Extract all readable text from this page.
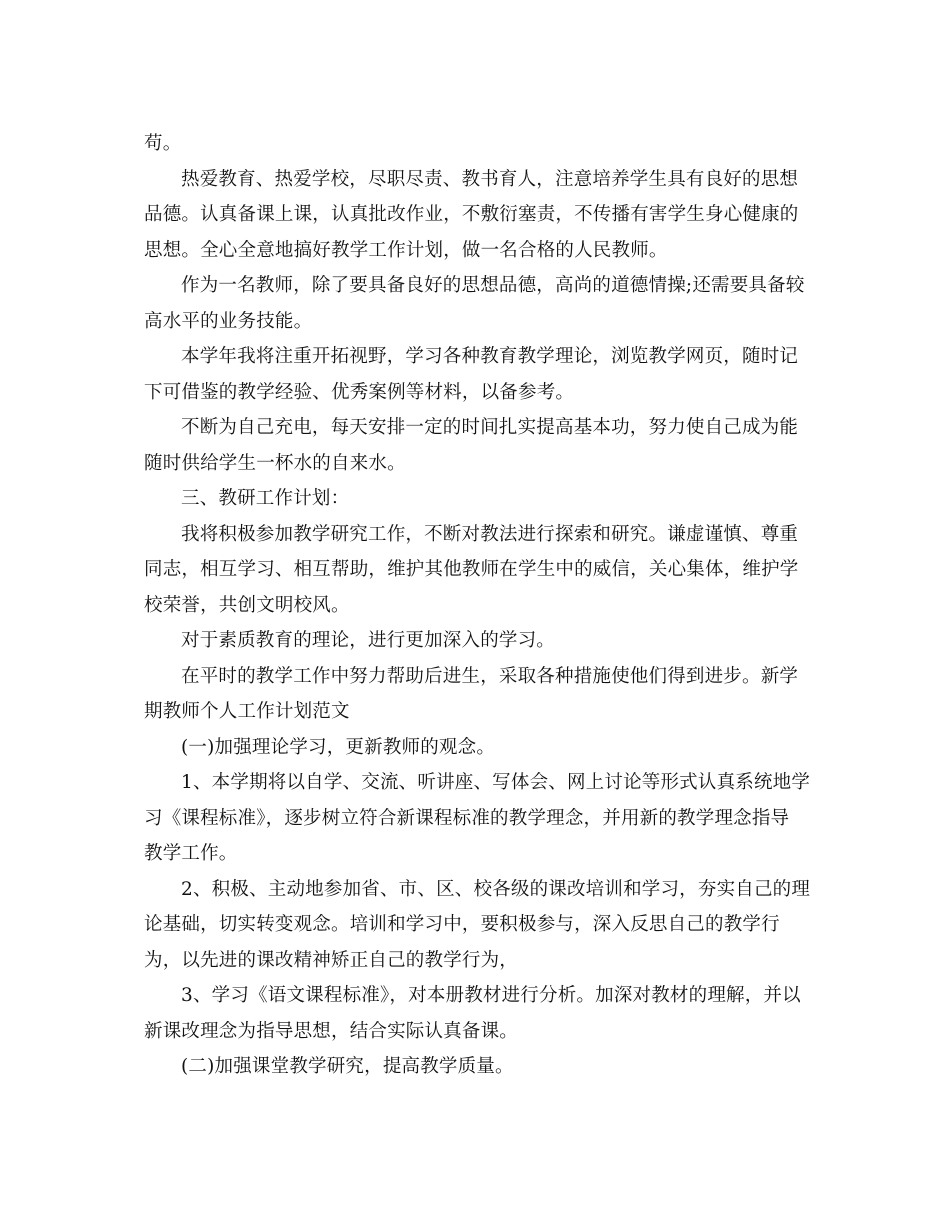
苟。
热爱教育、热爱学校，尽职尽责、教书育人，注意培养学生具有良好的思想
品德。认真备课上课，认真批改作业，不敷衍塞责，不传播有害学生身心健康的
思想。全心全意地搞好教学工作计划，做一名合格的人民教师。
作为一名教师，除了要具备良好的思想品德，高尚的道德情操;还需要具备较
高水平的业务技能。
本学年我将注重开拓视野，学习各种教育教学理论，浏览教学网页，随时记
下可借鉴的教学经验、优秀案例等材料，以备参考。
不断为自己充电，每天安排一定的时间扎实提高基本功，努力使自己成为能
随时供给学生一杯水的自来水。
三、教研工作计划：
我将积极参加教学研究工作，不断对教法进行探索和研究。谦虚谨慎、尊重
同志，相互学习、相互帮助，维护其他教师在学生中的威信，关心集体，维护学
校荣誉，共创文明校风。
对于素质教育的理论，进行更加深入的学习。
在平时的教学工作中努力帮助后进生，采取各种措施使他们得到进步。新学
期教师个人工作计划范文
(一)加强理论学习，更新教师的观念。
1、本学期将以自学、交流、听讲座、写体会、网上讨论等形式认真系统地学
习《课程标准》，逐步树立符合新课程标准的教学理念，并用新的教学理念指导
教学工作。
2、积极、主动地参加省、市、区、校各级的课改培训和学习，夯实自己的理
论基础，切实转变观念。培训和学习中，要积极参与，深入反思自己的教学行
为，以先进的课改精神矫正自己的教学行为，
3、学习《语文课程标准》，对本册教材进行分析。加深对教材的理解，并以
新课改理念为指导思想，结合实际认真备课。
(二)加强课堂教学研究，提高教学质量。
